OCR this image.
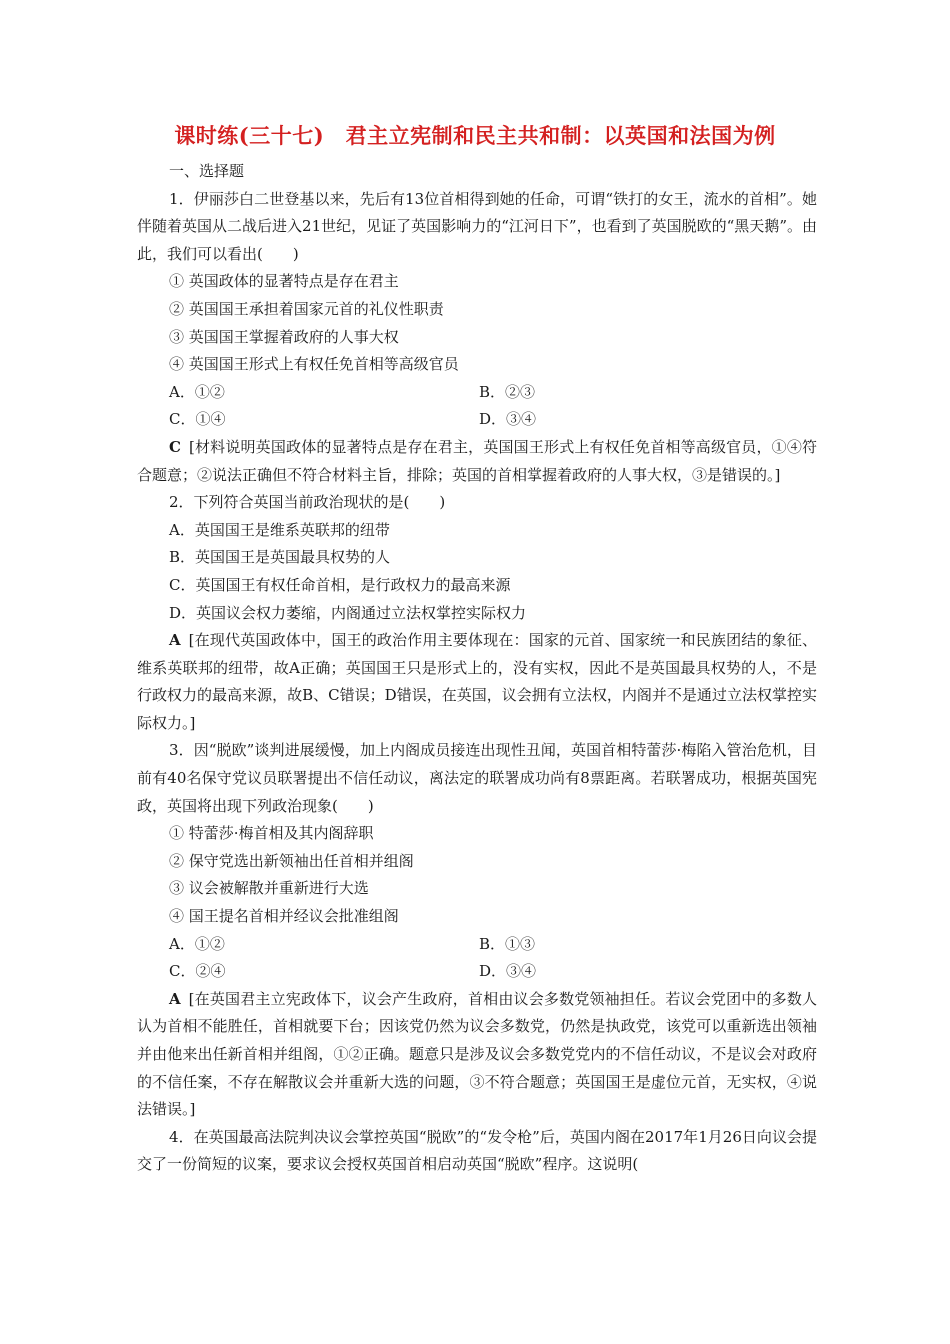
课时练(三十七)　君主立宪制和民主共和制：以英国和法国为例

一、选择题

1．伊丽莎白二世登基以来，先后有13位首相得到她的任命，可谓“铁打的女王，流水的首相”。她伴随着英国从二战后进入21世纪，见证了英国影响力的“江河日下”，也看到了英国脱欧的“黑天鹅”。由此，我们可以看出(　　)

① 英国政体的显著特点是存在君主

② 英国国王承担着国家元首的礼仪性职责

③ 英国国王掌握着政府的人事大权

④ 英国国王形式上有权任免首相等高级官员

A．①②	B．②③
C．①④	D．③④

C [材料说明英国政体的显著特点是存在君主，英国国王形式上有权任免首相等高级官员，①④符合题意；②说法正确但不符合材料主旨，排除；英国的首相掌握着政府的人事大权，③是错误的。]

2．下列符合英国当前政治现状的是(　　)

A．英国国王是维系英联邦的纽带

B．英国国王是英国最具权势的人

C．英国国王有权任命首相，是行政权力的最高来源

D．英国议会权力萎缩，内阁通过立法权掌控实际权力

A [在现代英国政体中，国王的政治作用主要体现在：国家的元首、国家统一和民族团结的象征、维系英联邦的纽带，故A正确；英国国王只是形式上的，没有实权，因此不是英国最具权势的人，不是行政权力的最高来源，故B、C错误；D错误，在英国，议会拥有立法权，内阁并不是通过立法权掌控实际权力。]

3．因“脱欧”谈判进展缓慢，加上内阁成员接连出现性丑闻，英国首相特蕾莎·梅陷入管治危机，目前有40名保守党议员联署提出不信任动议，离法定的联署成功尚有8票距离。若联署成功，根据英国宪政，英国将出现下列政治现象(　　)

① 特蕾莎·梅首相及其内阁辞职

② 保守党选出新领袖出任首相并组阁

③ 议会被解散并重新进行大选

④ 国王提名首相并经议会批准组阁

A．①②	B．①③
C．②④	D．③④

A [在英国君主立宪政体下，议会产生政府，首相由议会多数党领袖担任。若议会党团中的多数人认为首相不能胜任，首相就要下台；因该党仍然为议会多数党，仍然是执政党，该党可以重新选出领袖并由他来出任新首相并组阁，①②正确。题意只是涉及议会多数党党内的不信任动议，不是议会对政府的不信任案，不存在解散议会并重新大选的问题，③不符合题意；英国国王是虚位元首，无实权，④说法错误。]

4．在英国最高法院判决议会掌控英国“脱欧”的“发令枪”后，英国内阁在2017年1月26日向议会提交了一份简短的议案，要求议会授权英国首相启动英国“脱欧”程序。这说明(
